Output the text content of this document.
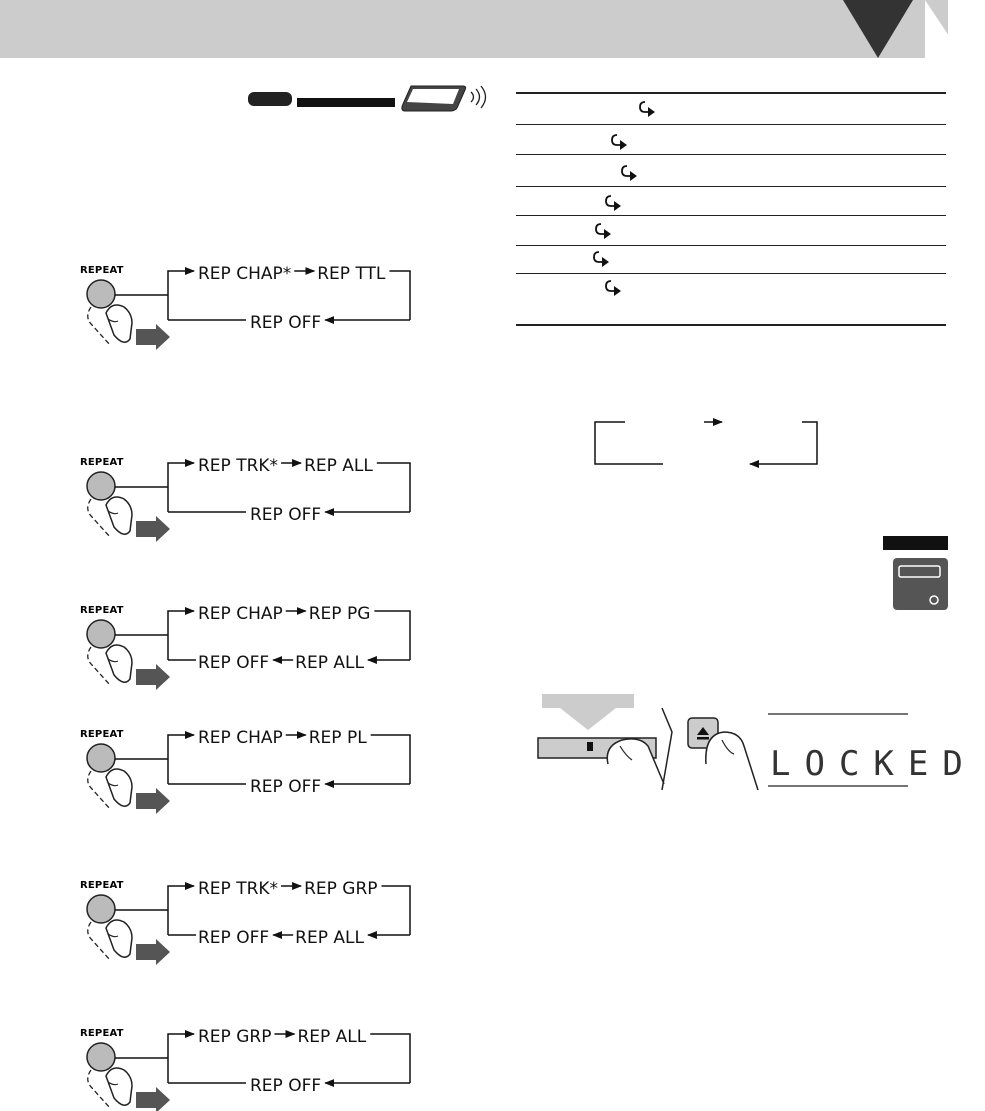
REPEAT	REP CHAP* REP TTL
REP OFF
REPEAT	REP TRK* REP ALL
REP OFF
REPEAT	REP CHAP REP PG
REP OFF REP ALL
REPEAT	REP CHAP REP PL
REP OFF
REPEAT	REP TRK* REP GRP
REP OFF REP ALL
REPEAT	REP GRP REP ALL
REP OFF
LOCKED
